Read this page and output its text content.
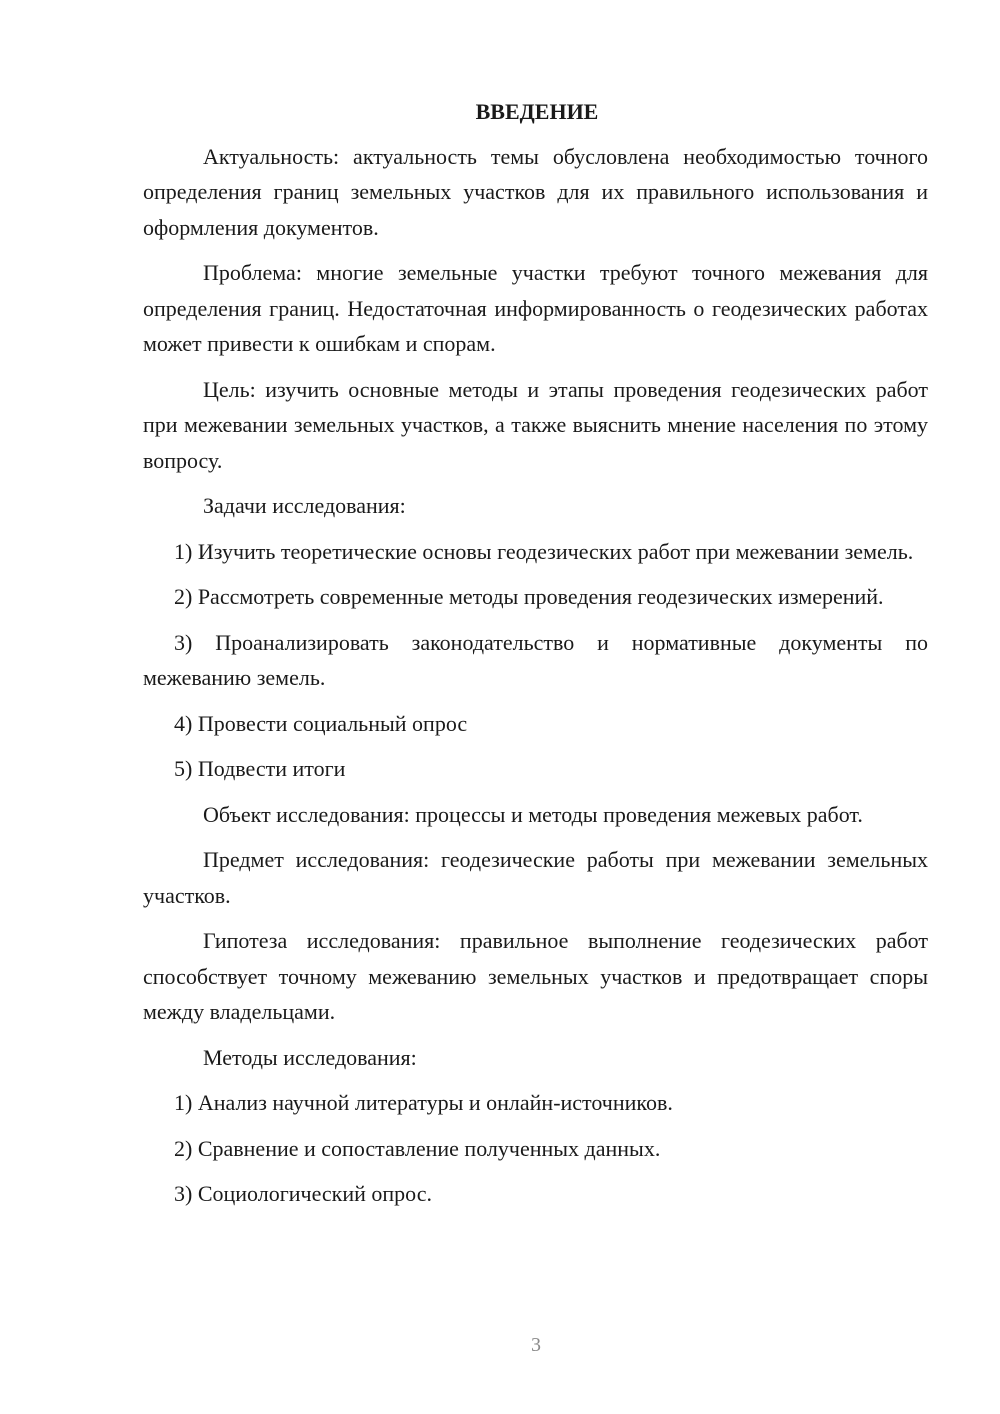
ВВЕДЕНИЕ

Актуальность: актуальность темы обусловлена необходимостью точного определения границ земельных участков для их правильного использования и оформления документов.

Проблема: многие земельные участки требуют точного межевания для определения границ. Недостаточная информированность о геодезических работах может привести к ошибкам и спорам.

Цель: изучить основные методы и этапы проведения геодезических работ при межевании земельных участков, а также выяснить мнение населения по этому вопросу.

Задачи исследования:

1) Изучить теоретические основы геодезических работ при межевании земель.

2) Рассмотреть современные методы проведения геодезических измерений.

3) Проанализировать законодательство и нормативные документы по межеванию земель.

4) Провести социальный опрос

5) Подвести итоги

Объект исследования: процессы и методы проведения межевых работ.

Предмет исследования: геодезические работы при межевании земельных участков.

Гипотеза исследования: правильное выполнение геодезических работ способствует точному межеванию земельных участков и предотвращает споры между владельцами.

Методы исследования:

1) Анализ научной литературы и онлайн-источников.

2) Сравнение и сопоставление полученных данных.

3) Социологический опрос.

3
